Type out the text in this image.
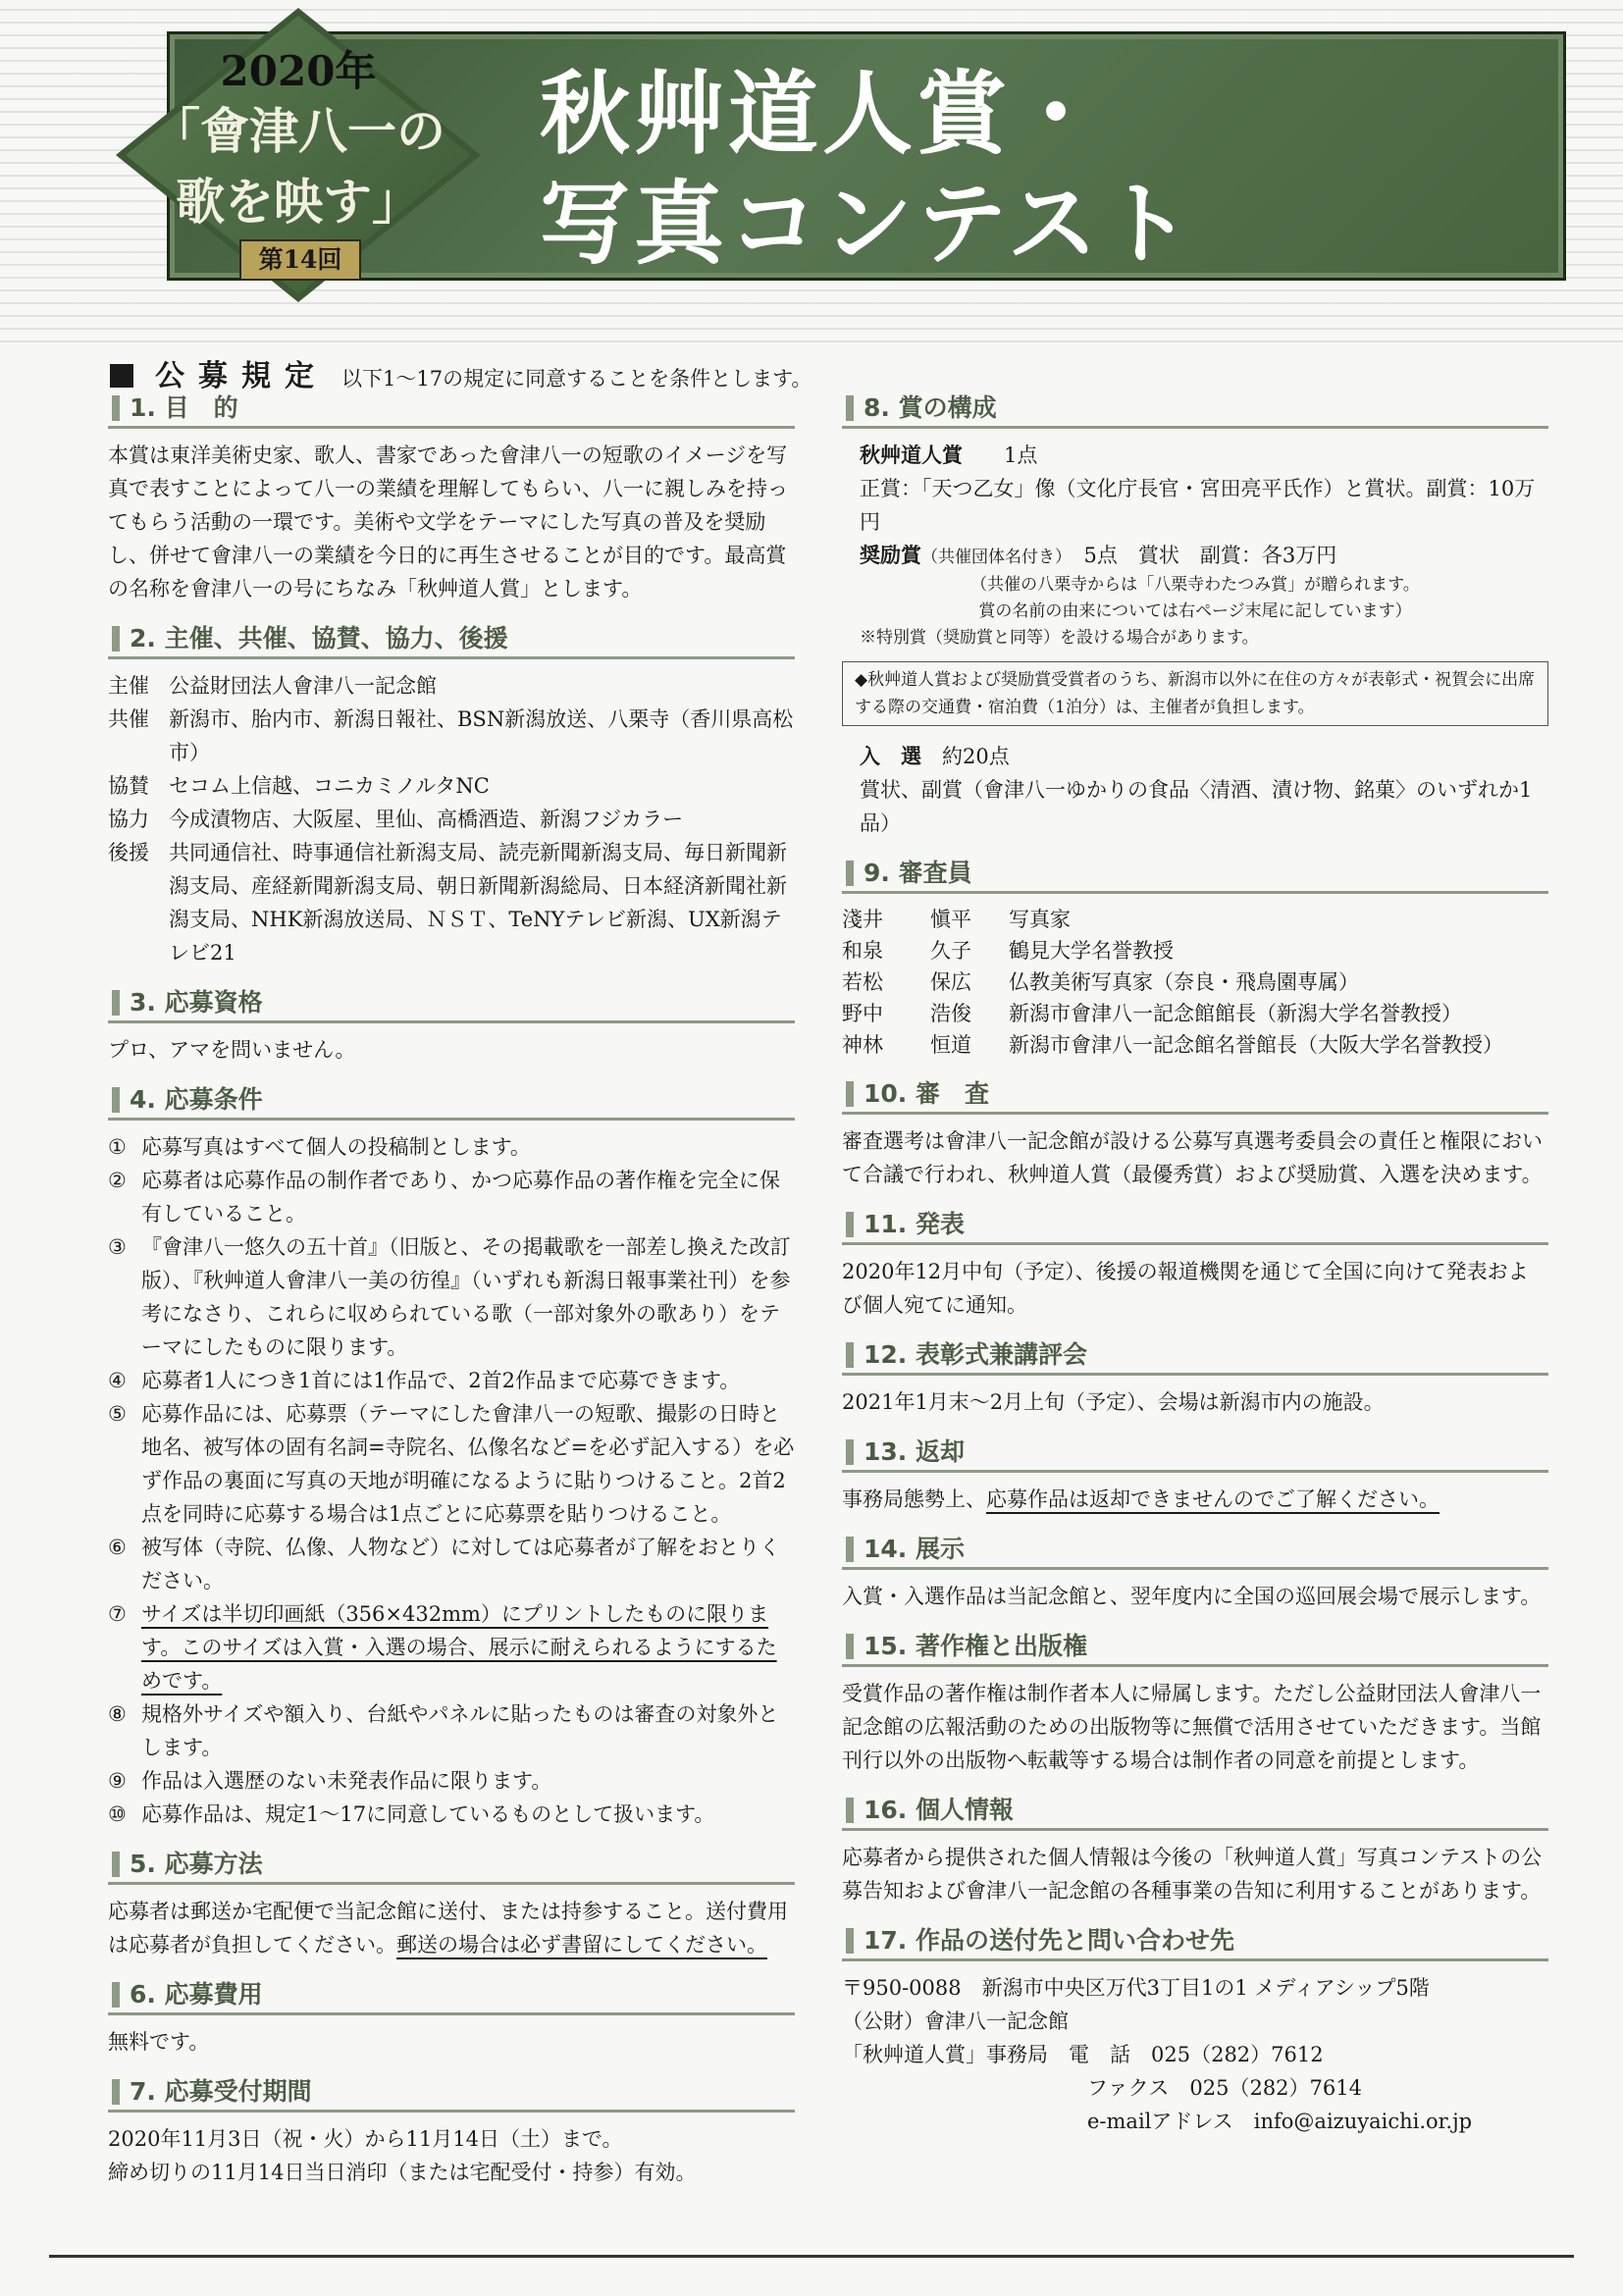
2020年
「會津八一の
歌を映す」
第14回
秋艸道人賞・
写真コンテスト
公募規定 以下1～17の規定に同意することを条件とします。
1. 目　的
本賞は東洋美術史家、歌人、書家であった會津八一の短歌のイメージを写真で表すことによって八一の業績を理解してもらい、八一に親しみを持ってもらう活動の一環です。美術や文学をテーマにした写真の普及を奨励し、併せて會津八一の業績を今日的に再生させることが目的です。最高賞の名称を會津八一の号にちなみ「秋艸道人賞」とします。
2. 主催、共催、協賛、協力、後援
主催 公益財団法人會津八一記念館
共催 新潟市、胎内市、新潟日報社、BSN新潟放送、八栗寺（香川県高松市）
協賛 セコム上信越、コニカミノルタNC
協力 今成漬物店、大阪屋、里仙、高橋酒造、新潟フジカラー
後援 共同通信社、時事通信社新潟支局、読売新聞新潟支局、毎日新聞新潟支局、産経新聞新潟支局、朝日新聞新潟総局、日本経済新聞社新潟支局、NHK新潟放送局、ＮＳＴ、TeNYテレビ新潟、UX新潟テレビ21
3. 応募資格
プロ、アマを問いません。
4. 応募条件
① 応募写真はすべて個人の投稿制とします。
② 応募者は応募作品の制作者であり、かつ応募作品の著作権を完全に保有していること。
③ 『會津八一悠久の五十首』（旧版と、その掲載歌を一部差し換えた改訂版）、『秋艸道人會津八一美の彷徨』（いずれも新潟日報事業社刊）を参考になさり、これらに収められている歌（一部対象外の歌あり）をテーマにしたものに限ります。
④ 応募者1人につき1首には1作品で、2首2作品まで応募できます。
⑤ 応募作品には、応募票（テーマにした會津八一の短歌、撮影の日時と地名、被写体の固有名詞=寺院名、仏像名など=を必ず記入する）を必ず作品の裏面に写真の天地が明確になるように貼りつけること。2首2点を同時に応募する場合は1点ごとに応募票を貼りつけること。
⑥ 被写体（寺院、仏像、人物など）に対しては応募者が了解をおとりください。
⑦ サイズは半切印画紙（356×432mm）にプリントしたものに限ります。このサイズは入賞・入選の場合、展示に耐えられるようにするためです。
⑧ 規格外サイズや額入り、台紙やパネルに貼ったものは審査の対象外とします。
⑨ 作品は入選歴のない未発表作品に限ります。
⑩ 応募作品は、規定1～17に同意しているものとして扱います。
5. 応募方法
応募者は郵送か宅配便で当記念館に送付、または持参すること。送付費用は応募者が負担してください。郵送の場合は必ず書留にしてください。
6. 応募費用
無料です。
7. 応募受付期間
2020年11月3日（祝・火）から11月14日（土）まで。
締め切りの11月14日当日消印（または宅配受付・持参）有効。
8. 賞の構成
秋艸道人賞　　 1点
正賞：「天つ乙女」像（文化庁長官・宮田亮平氏作）と賞状。副賞：10万円
奨励賞（共催団体名付き）　 5点　賞状　副賞：各3万円
（共催の八栗寺からは「八栗寺わたつみ賞」が贈られます。
賞の名前の由来については右ページ末尾に記しています）
※特別賞（奨励賞と同等）を設ける場合があります。
◆秋艸道人賞および奨励賞受賞者のうち、新潟市以外に在住の方々が表彰式・祝賀会に出席する際の交通費・宿泊費（1泊分）は、主催者が負担します。
入　選　 約20点
賞状、副賞（會津八一ゆかりの食品〈清酒、漬け物、銘菓〉のいずれか1品）
9. 審査員
淺井	愼平	写真家
和泉	久子	鶴見大学名誉教授
若松	保広	仏教美術写真家（奈良・飛鳥園専属）
野中	浩俊	新潟市會津八一記念館館長（新潟大学名誉教授）
神林	恒道	新潟市會津八一記念館名誉館長（大阪大学名誉教授）
10. 審　査
審査選考は會津八一記念館が設ける公募写真選考委員会の責任と権限において合議で行われ、秋艸道人賞（最優秀賞）および奨励賞、入選を決めます。
11. 発表
2020年12月中旬（予定）、後援の報道機関を通じて全国に向けて発表および個人宛てに通知。
12. 表彰式兼講評会
2021年1月末～2月上旬（予定）、会場は新潟市内の施設。
13. 返却
事務局態勢上、応募作品は返却できませんのでご了解ください。
14. 展示
入賞・入選作品は当記念館と、翌年度内に全国の巡回展会場で展示します。
15. 著作権と出版権
受賞作品の著作権は制作者本人に帰属します。ただし公益財団法人會津八一記念館の広報活動のための出版物等に無償で活用させていただきます。当館刊行以外の出版物へ転載等する場合は制作者の同意を前提とします。
16. 個人情報
応募者から提供された個人情報は今後の「秋艸道人賞」写真コンテストの公募告知および會津八一記念館の各種事業の告知に利用することがあります。
17. 作品の送付先と問い合わせ先
〒950-0088　新潟市中央区万代3丁目1の1 メディアシップ5階
（公財）會津八一記念館
「秋艸道人賞」事務局　 電　話　 025（282）7612
ファクス　 025（282）7614
e-mailアドレス　 info@aizuyaichi.or.jp
